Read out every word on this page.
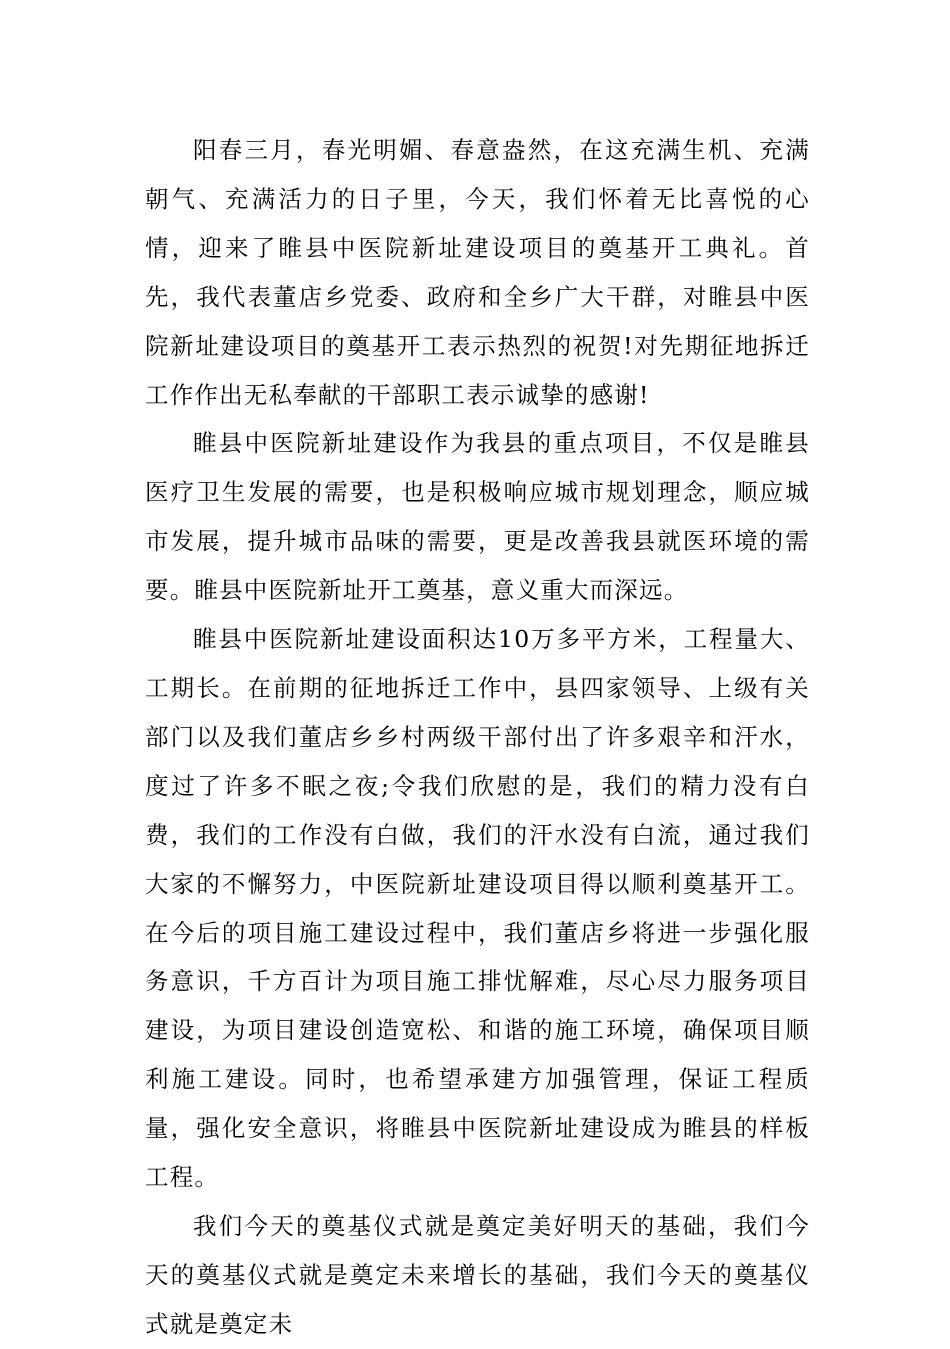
阳春三月，春光明媚、春意盎然，在这充满生机、充满朝气、充满活力的日子里，今天，我们怀着无比喜悦的心情，迎来了睢县中医院新址建设项目的奠基开工典礼。首先，我代表董店乡党委、政府和全乡广大干群，对睢县中医院新址建设项目的奠基开工表示热烈的祝贺!对先期征地拆迁工作作出无私奉献的干部职工表示诚挚的感谢!

睢县中医院新址建设作为我县的重点项目，不仅是睢县医疗卫生发展的需要，也是积极响应城市规划理念，顺应城市发展，提升城市品味的需要，更是改善我县就医环境的需要。睢县中医院新址开工奠基，意义重大而深远。

睢县中医院新址建设面积达10万多平方米，工程量大、工期长。在前期的征地拆迁工作中，县四家领导、上级有关部门以及我们董店乡乡村两级干部付出了许多艰辛和汗水，度过了许多不眠之夜;令我们欣慰的是，我们的精力没有白费，我们的工作没有白做，我们的汗水没有白流，通过我们大家的不懈努力，中医院新址建设项目得以顺利奠基开工。在今后的项目施工建设过程中，我们董店乡将进一步强化服务意识，千方百计为项目施工排忧解难，尽心尽力服务项目建设，为项目建设创造宽松、和谐的施工环境，确保项目顺利施工建设。同时，也希望承建方加强管理，保证工程质量，强化安全意识，将睢县中医院新址建设成为睢县的样板工程。

我们今天的奠基仪式就是奠定美好明天的基础，我们今天的奠基仪式就是奠定未来增长的基础，我们今天的奠基仪式就是奠定未
